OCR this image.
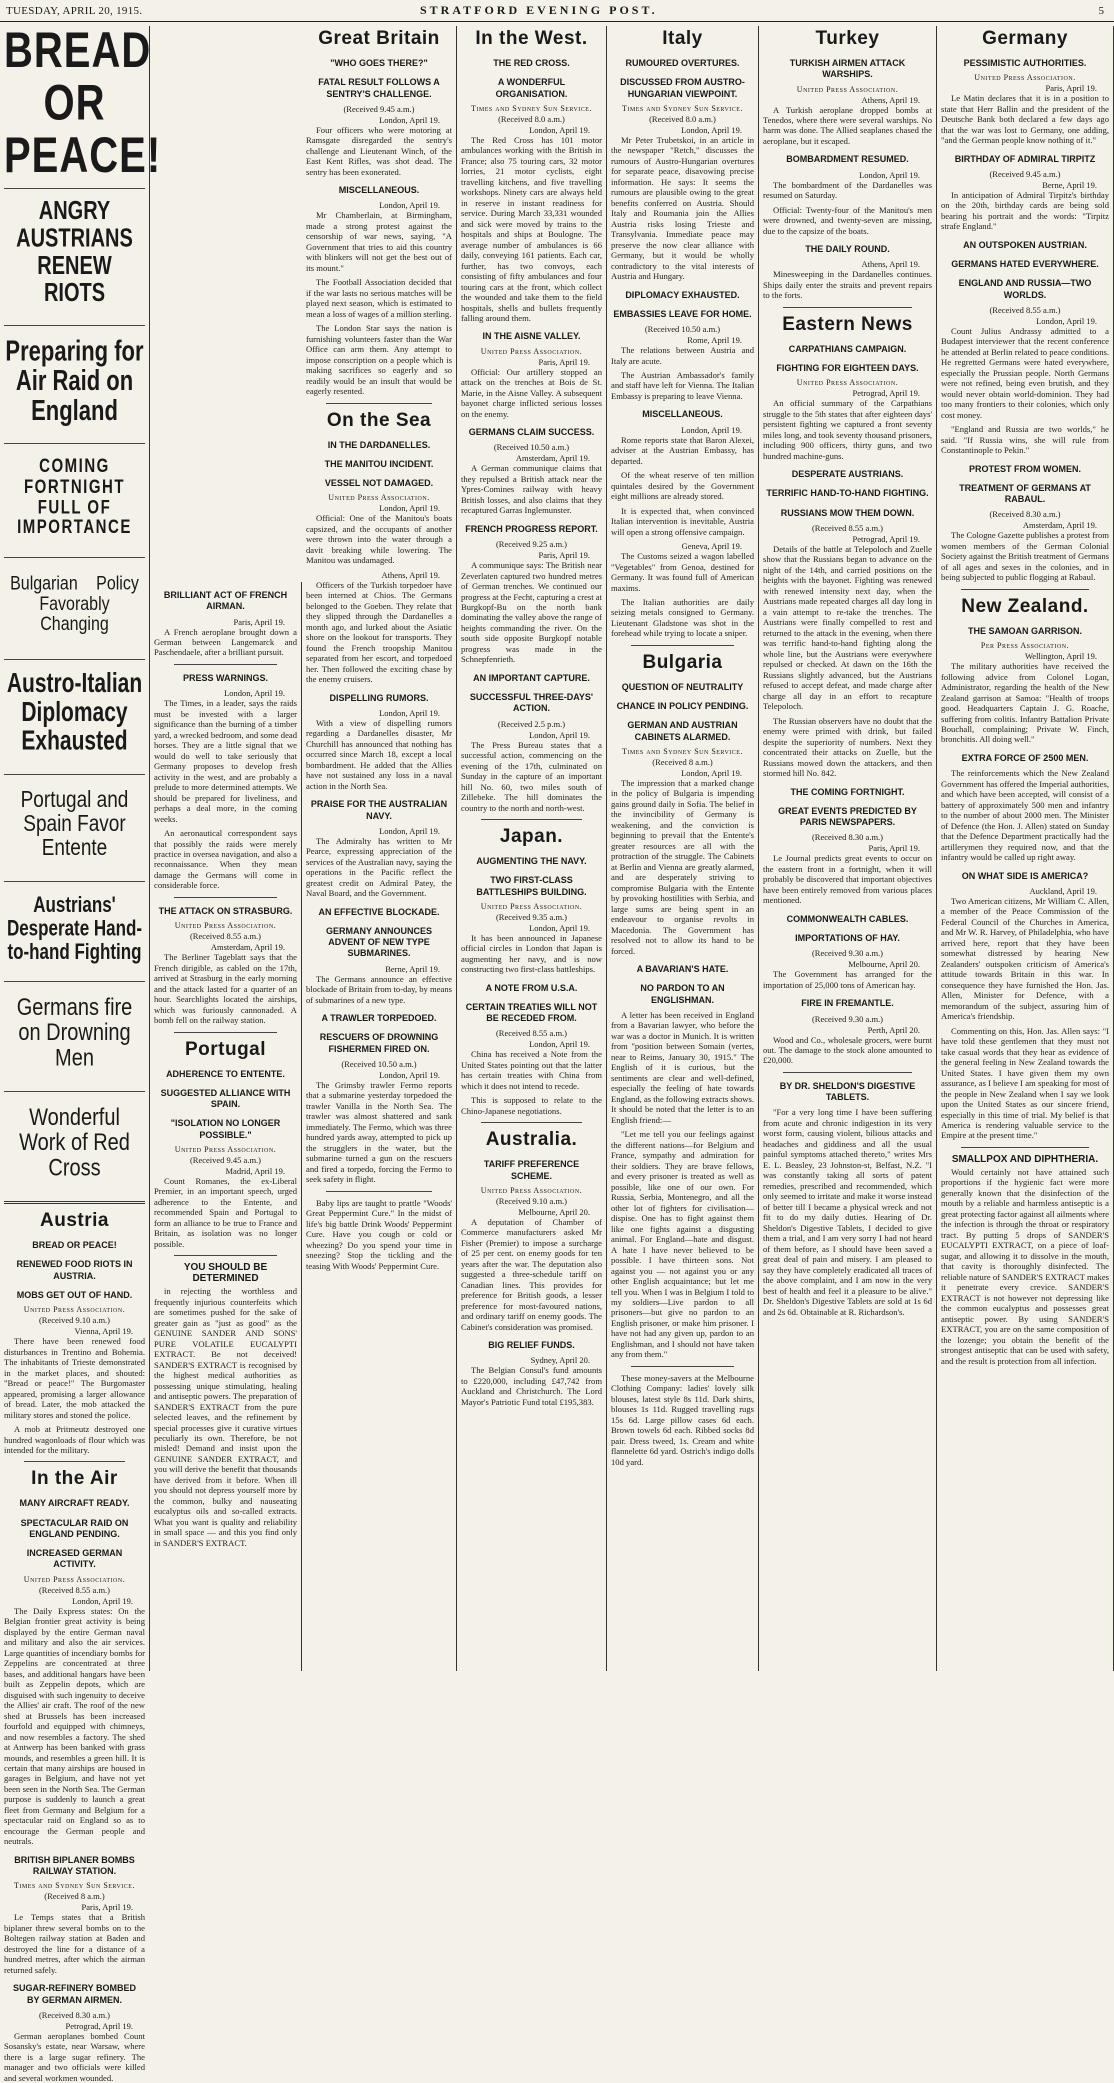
TUESDAY, APRIL 20, 1915.	STRATFORD EVENING POST.	5
BREAD OR PEACE!
ANGRY AUSTRIANS RENEW RIOTS
Preparing for Air Raid on England
COMING FORTNIGHT FULL OF IMPORTANCE
Bulgarian Policy Favorably Changing
Austro-Italian Diplomacy Exhausted
Portugal and Spain Favor Entente
Austrians' Desperate Hand-to-hand Fighting
Germans fire on Drowning Men
Wonderful Work of Red Cross
Austria
BREAD OR PEACE!
RENEWED FOOD RIOTS IN AUSTRIA.
MOBS GET OUT OF HAND.
United Press Association.
(Received 9.10 a.m.)
Vienna, April 19.

There have been renewed food disturbances in Trentino and Bohemia. The inhabitants of Trieste demonstrated in the market places, and shouted: "Bread or peace!" The Burgomaster appeared, promising a larger allowance of bread. Later, the mob attacked the military stores and stoned the police.

A mob at Pritmeutz destroyed one hundred wagonloads of flour which was intended for the military.

In the Air
MANY AIRCRAFT READY.
SPECTACULAR RAID ON ENGLAND PENDING.
INCREASED GERMAN ACTIVITY.
United Press Association.
(Received 8.55 a.m.)
London, April 19.

The Daily Express states: On the Belgian frontier great activity is being displayed by the entire German naval and military and also the air services. Large quantities of incendiary bombs for Zeppelins are concentrated at three bases, and additional hangars have been built as Zeppelin depots, which are disguised with such ingenuity to deceive the Allies' air craft. The roof of the new shed at Brussels has been increased fourfold and equipped with chimneys, and now resembles a factory. The shed at Antwerp has been banked with grass mounds, and resembles a green hill. It is certain that many airships are housed in garages in Belgium, and have not yet been seen in the North Sea. The German purpose is suddenly to launch a great fleet from Germany and Belgium for a spectacular raid on England so as to encourage the German people and neutrals.

BRITISH BIPLANER BOMBS RAILWAY STATION.
Times and Sydney Sun Service.
(Received 8 a.m.)
Paris, April 19.

Le Temps states that a British biplaner threw several bombs on to the Boltegen railway station at Baden and destroyed the line for a distance of a hundred metres, after which the airman returned safely.

SUGAR-REFINERY BOMBED BY GERMAN AIRMEN.
(Received 8.30 a.m.)
Petrograd, April 19.

German aeroplanes bombed Count Sosansky's estate, near Warsaw, where there is a large sugar refinery. The manager and two officials were killed and several workmen wounded.

BRILLIANT ACT OF FRENCH AIRMAN.
Paris, April 19.

A French aeroplane brought down a German between Langemarck and Paschendaele, after a brilliant pursuit.

PRESS WARNINGS.
London, April 19.

The Times, in a leader, says the raids must be invested with a larger significance than the burning of a timber yard, a wrecked bedroom, and some dead horses. They are a little signal that we would do well to take seriously that Germany proposes to develop fresh activity in the west, and are probably a prelude to more determined attempts. We should be prepared for liveliness, and perhaps a deal more, in the coming weeks.

An aeronautical correspondent says that possibly the raids were merely practice in oversea navigation, and also a reconnaissance. When they mean damage the Germans will come in considerable force.

THE ATTACK ON STRASBURG.
United Press Association.
(Received 8.55 a.m.)
Amsterdam, April 19.

The Berliner Tageblatt says that the French dirigible, as cabled on the 17th, arrived at Strasburg in the early morning and the attack lasted for a quarter of an hour. Searchlights located the airships, which was furiously cannonaded. A bomb fell on the railway station.

Portugal
ADHERENCE TO ENTENTE.
SUGGESTED ALLIANCE WITH SPAIN.
"ISOLATION NO LONGER POSSIBLE."
United Press Association.
(Received 9.45 a.m.)
Madrid, April 19.

Count Romanes, the ex-Liberal Premier, in an important speech, urged adherence to the Entente, and recommended Spain and Portugal to form an alliance to be true to France and Britain, as isolation was no longer possible.

YOU SHOULD BE DETERMINED

in rejecting the worthless and frequently injurious counterfeits which are sometimes pushed for the sake of greater gain as "just as good" as the GENUINE SANDER AND SONS' PURE VOLATILE EUCALYPTI EXTRACT. Be not deceived! SANDER'S EXTRACT is recognised by the highest medical authorities as possessing unique stimulating, healing and antiseptic powers. The preparation of SANDER'S EXTRACT from the pure selected leaves, and the refinement by special processes give it curative virtues peculiarly its own. Therefore, be not misled! Demand and insist upon the GENUINE SANDER EXTRACT, and you will derive the benefit that thousands have derived from it before. When ill you should not depress yourself more by the common, bulky and nauseating eucalyptus oils and so-called extracts. What you want is quality and reliability in small space — and this you find only in SANDER'S EXTRACT.

Great Britain
"WHO GOES THERE?"
FATAL RESULT FOLLOWS A SENTRY'S CHALLENGE.
(Received 9.45 a.m.)
London, April 19.

Four officers who were motoring at Ramsgate disregarded the sentry's challenge and Lieutenant Winch, of the East Kent Rifles, was shot dead. The sentry has been exonerated.

MISCELLANEOUS.
London, April 19.

Mr Chamberlain, at Birmingham, made a strong protest against the censorship of war news, saying, "A Government that tries to aid this country with blinkers will not get the best out of its mount."

The Football Association decided that if the war lasts no serious matches will be played next season, which is estimated to mean a loss of wages of a million sterling.

The London Star says the nation is furnishing volunteers faster than the War Office can arm them. Any attempt to impose conscription on a people which is making sacrifices so eagerly and so readily would be an insult that would be eagerly resented.

On the Sea
IN THE DARDANELLES.
THE MANITOU INCIDENT.
VESSEL NOT DAMAGED.
United Press Association.
London, April 19.

Official: One of the Manitou's boats capsized, and the occupants of another were thrown into the water through a davit breaking while lowering. The Manitou was undamaged.

Athens, April 19.

Officers of the Turkish torpedoer have been interned at Chios. The Germans belonged to the Goeben. They relate that they slipped through the Dardanelles a month ago, and lurked about the Asiatic shore on the lookout for transports. They found the French troopship Manitou separated from her escort, and torpedoed her. Then followed the exciting chase by the enemy cruisers.

DISPELLING RUMORS.
London, April 19.

With a view of dispelling rumors regarding a Dardanelles disaster, Mr Churchill has announced that nothing has occurred since March 18, except a local bombardment. He added that the Allies have not sustained any loss in a naval action in the North Sea.

PRAISE FOR THE AUSTRALIAN NAVY.
London, April 19.

The Admiralty has written to Mr Pearce, expressing appreciation of the services of the Australian navy, saying the operations in the Pacific reflect the greatest credit on Admiral Patey, the Naval Board, and the Government.

AN EFFECTIVE BLOCKADE.
GERMANY ANNOUNCES ADVENT OF NEW TYPE SUBMARINES.
Berne, April 19.

The Germans announce an effective blockade of Britain from to-day, by means of submarines of a new type.

A TRAWLER TORPEDOED.
RESCUERS OF DROWNING FISHERMEN FIRED ON.
(Received 10.50 a.m.)
London, April 19.

The Grimsby trawler Fermo reports that a submarine yesterday torpedoed the trawler Vanilla in the North Sea. The trawler was almost shattered and sank immediately. The Fermo, which was three hundred yards away, attempted to pick up the strugglers in the water, but the submarine turned a gun on the rescuers and fired a torpedo, forcing the Fermo to seek safety in flight.

Baby lips are taught to prattle "Woods' Great Peppermint Cure." In the midst of life's big battle Drink Woods' Peppermint Cure. Have you cough or cold or wheezing? Do you spend your time in sneezing? Stop the tickling and the teasing With Woods' Peppermint Cure.

In the West.
THE RED CROSS.
A WONDERFUL ORGANISATION.
Times and Sydney Sun Service.
(Received 8.0 a.m.)
London, April 19.

The Red Cross has 101 motor ambulances working with the British in France; also 75 touring cars, 32 motor lorries, 21 motor cyclists, eight travelling kitchens, and five travelling workshops. Ninety cars are always held in reserve in instant readiness for service. During March 33,331 wounded and sick were moved by trains to the hospitals and ships at Boulogne. The average number of ambulances is 66 daily, conveying 161 patients. Each car, further, has two convoys, each consisting of fifty ambulances and four touring cars at the front, which collect the wounded and take them to the field hospitals, shells and bullets frequently falling around them.

IN THE AISNE VALLEY.
United Press Association.
Paris, April 19.

Official: Our artillery stopped an attack on the trenches at Bois de St. Marie, in the Aisne Valley. A subsequent bayonet charge inflicted serious losses on the enemy.

GERMANS CLAIM SUCCESS.
(Received 10.50 a.m.)
Amsterdam, April 19.

A German communique claims that they repulsed a British attack near the Ypres-Comines railway with heavy British losses, and also claims that they recaptured Garras Inglemunster.

FRENCH PROGRESS REPORT.
(Received 9.25 a.m.)
Paris, April 19.

A communique says: The British near Zeverlaten captured two hundred metres of German trenches. We continued our progress at the Fecht, capturing a crest at Burgkopf-Bu on the north bank dominating the valley above the range of heights commanding the river. On the south side opposite Burgkopf notable progress was made in the Schnepfenrieth.

AN IMPORTANT CAPTURE.
SUCCESSFUL THREE-DAYS' ACTION.
(Received 2.5 p.m.)
London, April 19.

The Press Bureau states that a successful action, commencing on the evening of the 17th, culminated on Sunday in the capture of an important hill No. 60, two miles south of Zillebeke. The hill dominates the country to the north and north-west.

Japan.
AUGMENTING THE NAVY.
TWO FIRST-CLASS BATTLESHIPS BUILDING.
United Press Association.
(Received 9.35 a.m.)
London, April 19.

It has been announced in Japanese official circles in London that Japan is augmenting her navy, and is now constructing two first-class battleships.

A NOTE FROM U.S.A.
CERTAIN TREATIES WILL NOT BE RECEDED FROM.
(Received 8.55 a.m.)
London, April 19.

China has received a Note from the United States pointing out that the latter has certain treaties with China from which it does not intend to recede.

This is supposed to relate to the Chino-Japanese negotiations.

Australia.
TARIFF PREFERENCE SCHEME.
United Press Association.
(Received 9.10 a.m.)
Melbourne, April 20.

A deputation of Chamber of Commerce manufacturers asked Mr Fisher (Premier) to impose a surcharge of 25 per cent. on enemy goods for ten years after the war. The deputation also suggested a three-schedule tariff on Canadian lines. This provides for preference for British goods, a lesser preference for most-favoured nations, and ordinary tariff on enemy goods. The Cabinet's consideration was promised.

BIG RELIEF FUNDS.
Sydney, April 20.

The Belgian Consul's fund amounts to £220,000, including £47,742 from Auckland and Christchurch. The Lord Mayor's Patriotic Fund total £195,383.

Italy
RUMOURED OVERTURES.
DISCUSSED FROM AUSTRO-HUNGARIAN VIEWPOINT.
Times and Sydney Sun Service.
(Received 8.0 a.m.)
London, April 19.

Mr Peter Trubetskoi, in an article in the newspaper "Retch," discusses the rumours of Austro-Hungarian overtures for separate peace, disavowing precise information. He says: It seems the rumours are plausible owing to the great benefits conferred on Austria. Should Italy and Roumania join the Allies Austria risks losing Trieste and Transylvania. Immediate peace may preserve the now clear alliance with Germany, but it would be wholly contradictory to the vital interests of Austria and Hungary.

DIPLOMACY EXHAUSTED.
EMBASSIES LEAVE FOR HOME.
(Received 10.50 a.m.)
Rome, April 19.

The relations between Austria and Italy are acute.

The Austrian Ambassador's family and staff have left for Vienna. The Italian Embassy is preparing to leave Vienna.

MISCELLANEOUS.
London, April 19.

Rome reports state that Baron Alexei, adviser at the Austrian Embassy, has departed.

Of the wheat reserve of ten million quintales desired by the Government eight millions are already stored.

It is expected that, when convinced Italian intervention is inevitable, Austria will open a strong offensive campaign.

Geneva, April 19.

The Customs seized a wagon labelled "Vegetables" from Genoa, destined for Germany. It was found full of American maxims.

The Italian authorities are daily seizing metals consigned to Germany. Lieutenant Gladstone was shot in the forehead while trying to locate a sniper.

Bulgaria
QUESTION OF NEUTRALITY
CHANCE IN POLICY PENDING.
GERMAN AND AUSTRIAN CABINETS ALARMED.
Times and Sydney Sun Service.
(Received 8 a.m.)
London, April 19.

The impression that a marked change in the policy of Bulgaria is impending gains ground daily in Sofia. The belief in the invincibility of Germany is weakening, and the conviction is beginning to prevail that the Entente's greater resources are all with the protraction of the struggle. The Cabinets at Berlin and Vienna are greatly alarmed, and are desperately striving to compromise Bulgaria with the Entente by provoking hostilities with Serbia, and large sums are being spent in an endeavour to organise revolts in Macedonia. The Government has resolved not to allow its hand to be forced.

A BAVARIAN'S HATE.
NO PARDON TO AN ENGLISHMAN.

A letter has been received in England from a Bavarian lawyer, who before the war was a doctor in Munich. It is written from "position between Somain (vertes, near to Reims, January 30, 1915." The English of it is curious, but the sentiments are clear and well-defined, especially the feeling of hate towards England, as the following extracts shows. It should be noted that the letter is to an English friend:—

"Let me tell you our feelings against the different nations—for Belgium and France, sympathy and admiration for their soldiers. They are brave fellows, and every prisoner is treated as well as possible, like one of our own. For Russia, Serbia, Montenegro, and all the other lot of fighters for civilisation—dispise. One has to fight against them like one fights against a disgusting animal. For England—hate and disgust. A hate I have never believed to be possible. I have thirteen sons. Not against you — not against you or any other English acquaintance; but let me tell you. When I was in Belgium I told to my soldiers—Live pardon to all prisoners—but give no pardon to an English prisoner, or make him prisoner. I have not had any given up, pardon to an Englishman, and I should not have taken any from them."

These money-savers at the Melbourne Clothing Company: ladies' lovely silk blouses, latest style 8s 11d. Dark shirts, blouses 1s 11d. Rugged travelling rugs 15s 6d. Large pillow cases 6d each. Brown towels 6d each. Ribbed socks 8d pair. Dress tweed, 1s. Cream and white flannelette 6d yard. Ostrich's indigo dolls 10d yard.

Turkey
TURKISH AIRMEN ATTACK WARSHIPS.
United Press Association.
Athens, April 19.

A Turkish aeroplane dropped bombs at Tenedos, where there were several warships. No harm was done. The Allied seaplanes chased the aeroplane, but it escaped.

BOMBARDMENT RESUMED.
London, April 19.

The bombardment of the Dardanelles was resumed on Saturday.

Official: Twenty-four of the Manitou's men were drowned, and twenty-seven are missing, due to the capsize of the boats.

THE DAILY ROUND.
Athens, April 19.

Minesweeping in the Dardanelles continues. Ships daily enter the straits and prevent repairs to the forts.

Eastern News
CARPATHIANS CAMPAIGN.
FIGHTING FOR EIGHTEEN DAYS.
United Press Association.
Petrograd, April 19.

An official summary of the Carpathians struggle to the 5th states that after eighteen days' persistent fighting we captured a front seventy miles long, and took seventy thousand prisoners, including 900 officers, thirty guns, and two hundred machine-guns.

DESPERATE AUSTRIANS.
TERRIFIC HAND-TO-HAND FIGHTING.
RUSSIANS MOW THEM DOWN.
(Received 8.55 a.m.)
Petrograd, April 19.

Details of the battle at Telepoloch and Zuelle show that the Russians began to advance on the night of the 14th, and carried positions on the heights with the bayonet. Fighting was renewed with renewed intensity next day, when the Austrians made repeated charges all day long in a vain attempt to re-take the trenches. The Austrians were finally compelled to rest and returned to the attack in the evening, when there was terrific hand-to-hand fighting along the whole line, but the Austrians were everywhere repulsed or checked. At dawn on the 16th the Russians slightly advanced, but the Austrians refused to accept defeat, and made charge after charge all day in an effort to recapture Telepoloch.

The Russian observers have no doubt that the enemy were primed with drink, but failed despite the superiority of numbers. Next they concentrated their attacks on Zuelle, but the Russians mowed down the attackers, and then stormed hill No. 842.

THE COMING FORTNIGHT.
GREAT EVENTS PREDICTED BY PARIS NEWSPAPERS.
(Received 8.30 a.m.)
Paris, April 19.

Le Journal predicts great events to occur on the eastern front in a fortnight, when it will probably be discovered that important objectives have been entirely removed from various places mentioned.

COMMONWEALTH CABLES.
IMPORTATIONS OF HAY.
(Received 9.30 a.m.)
Melbourne, April 20.

The Government has arranged for the importation of 25,000 tons of American hay.

FIRE IN FREMANTLE.
(Received 9.30 a.m.)
Perth, April 20.

Wood and Co., wholesale grocers, were burnt out. The damage to the stock alone amounted to £20,000.

BY DR. SHELDON'S DIGESTIVE TABLETS.

"For a very long time I have been suffering from acute and chronic indigestion in its very worst form, causing violent, bilious attacks and headaches and giddiness and all the usual painful symptoms attached thereto," writes Mrs E. L. Beasley, 23 Johnston-st, Belfast, N.Z. "I was constantly taking all sorts of patent remedies, prescribed and recommended, which only seemed to irritate and make it worse instead of better till I became a physical wreck and not fit to do my daily duties. Hearing of Dr. Sheldon's Digestive Tablets, I decided to give them a trial, and I am very sorry I had not heard of them before, as I should have been saved a great deal of pain and misery. I am pleased to say they have completely eradicated all traces of the above complaint, and I am now in the very best of health and feel it a pleasure to be alive." Dr. Sheldon's Digestive Tablets are sold at 1s 6d and 2s 6d. Obtainable at R. Richardson's.

Germany
PESSIMISTIC AUTHORITIES.
United Press Association.
Paris, April 19.

Le Matin declares that it is in a position to state that Herr Ballin and the president of the Deutsche Bank both declared a few days ago that the war was lost to Germany, one adding, "and the German people know nothing of it."

BIRTHDAY OF ADMIRAL TIRPITZ
(Received 9.45 a.m.)
Berne, April 19.

In anticipation of Admiral Tirpitz's birthday on the 20th, birthday cards are being sold bearing his portrait and the words: "Tirpitz strafe England."

AN OUTSPOKEN AUSTRIAN.
GERMANS HATED EVERYWHERE.
ENGLAND AND RUSSIA—TWO WORLDS.
(Received 8.55 a.m.)
London, April 19.

Count Julius Andrassy admitted to a Budapest interviewer that the recent conference he attended at Berlin related to peace conditions. He regretted Germans were hated everywhere, especially the Prussian people. North Germans were not refined, being even brutish, and they would never obtain world-dominion. They had too many frontiers to their colonies, which only cost money.

"England and Russia are two worlds," he said. "If Russia wins, she will rule from Constantinople to Pekin."

PROTEST FROM WOMEN.
TREATMENT OF GERMANS AT RABAUL.
(Received 8.30 a.m.)
Amsterdam, April 19.

The Cologne Gazette publishes a protest from women members of the German Colonial Society against the British treatment of Germans of all ages and sexes in the colonies, and in being subjected to public flogging at Rabaul.

New Zealand.
THE SAMOAN GARRISON.
Per Press Association.
Wellington, April 19.

The military authorities have received the following advice from Colonel Logan, Administrator, regarding the health of the New Zealand garrison at Samoa: "Health of troops good. Headquarters Captain J. G. Roache, suffering from colitis. Infantry Battalion Private Bouchall, complaining; Private W. Finch, bronchitis. All doing well."

EXTRA FORCE OF 2500 MEN.

The reinforcements which the New Zealand Government has offered the Imperial authorities, and which have been accepted, will consist of a battery of approximately 500 men and infantry to the number of about 2000 men. The Minister of Defence (the Hon. J. Allen) stated on Sunday that the Defence Department practically had the artillerymen they required now, and that the infantry would be called up right away.

ON WHAT SIDE IS AMERICA?
Auckland, April 19.

Two American citizens, Mr William C. Allen, a member of the Peace Commission of the Federal Council of the Churches in America, and Mr W. R. Harvey, of Philadelphia, who have arrived here, report that they have been somewhat distressed by hearing New Zealanders' outspoken criticism of America's attitude towards Britain in this war. In consequence they have furnished the Hon. Jas. Allen, Minister for Defence, with a memorandum of the subject, assuring him of America's friendship.

Commenting on this, Hon. Jas. Allen says: "I have told these gentlemen that they must not take casual words that they hear as evidence of the general feeling in New Zealand towards the United States. I have given them my own assurance, as I believe I am speaking for most of the people in New Zealand when I say we look upon the United States as our sincere friend, especially in this time of trial. My belief is that America is rendering valuable service to the Empire at the present time."

SMALLPOX AND DIPHTHERIA.

Would certainly not have attained such proportions if the hygienic fact were more generally known that the disinfection of the mouth by a reliable and harmless antiseptic is a great protecting factor against all ailments where the infection is through the throat or respiratory tract. By putting 5 drops of SANDER'S EUCALYPTI EXTRACT, on a piece of loaf-sugar, and allowing it to dissolve in the mouth, that cavity is thoroughly disinfected. The reliable nature of SANDER'S EXTRACT makes it penetrate every crevice. SANDER'S EXTRACT is not however not depressing like the common eucalyptus and possesses great antiseptic power. By using SANDER'S EXTRACT, you are on the same composition of the lozenge; you obtain the benefit of the strongest antiseptic that can be used with safety, and the result is protection from all infection.
